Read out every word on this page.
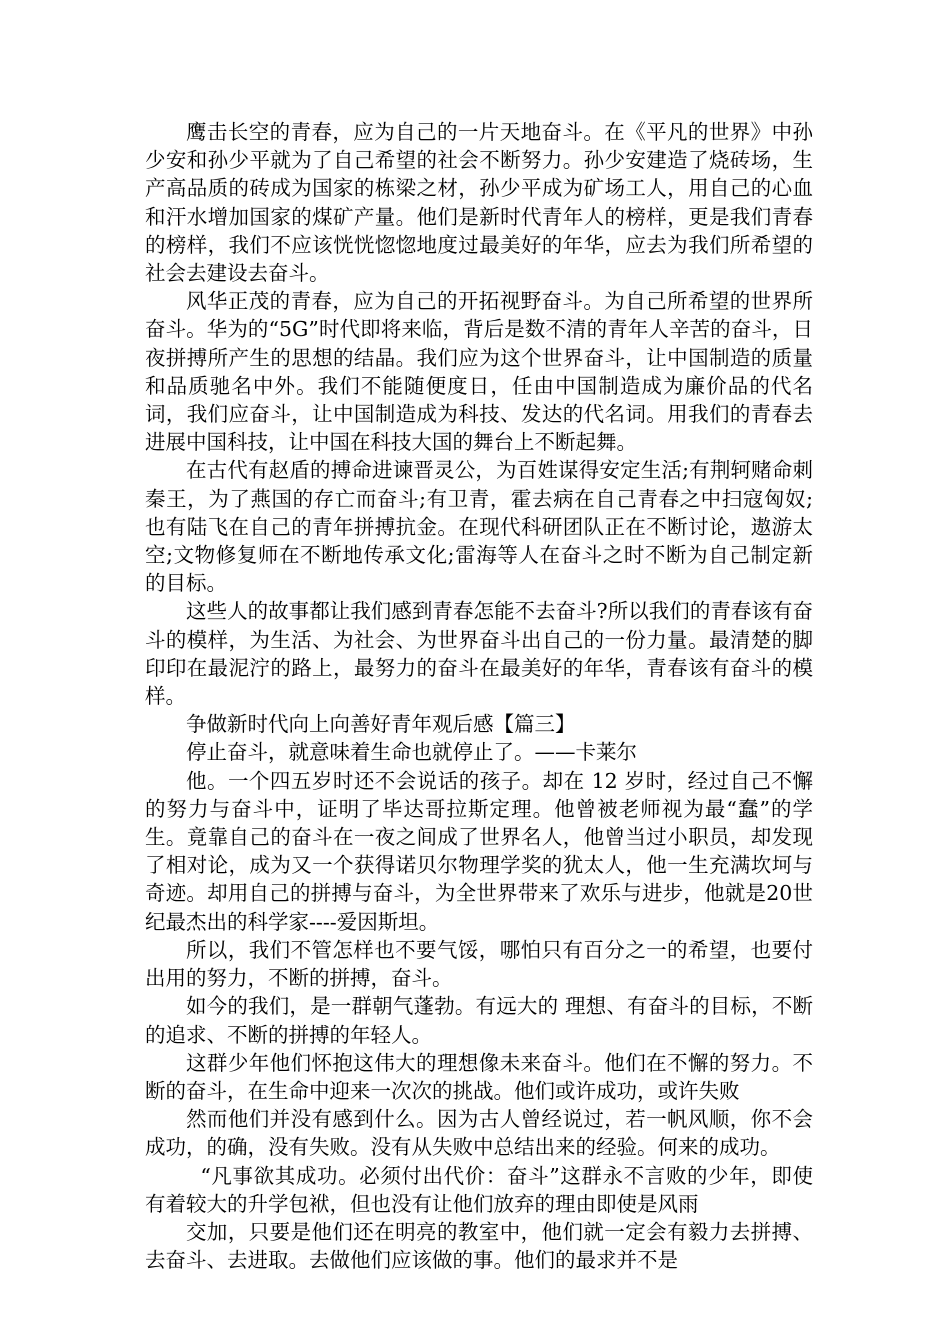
鹰击长空的青春，应为自己的一片天地奋斗。在《平凡的世界》中孙少安和孙少平就为了自己希望的社会不断努力。孙少安建造了烧砖场，生产高品质的砖成为国家的栋梁之材，孙少平成为矿场工人，用自己的心血和汗水增加国家的煤矿产量。他们是新时代青年人的榜样，更是我们青春的榜样，我们不应该恍恍惚惚地度过最美好的年华，应去为我们所希望的社会去建设去奋斗。

风华正茂的青春，应为自己的开拓视野奋斗。为自己所希望的世界所奋斗。华为的“5G”时代即将来临，背后是数不清的青年人辛苦的奋斗，日夜拼搏所产生的思想的结晶。我们应为这个世界奋斗，让中国制造的质量和品质驰名中外。我们不能随便度日，任由中国制造成为廉价品的代名词，我们应奋斗，让中国制造成为科技、发达的代名词。用我们的青春去进展中国科技，让中国在科技大国的舞台上不断起舞。

在古代有赵盾的搏命进谏晋灵公，为百姓谋得安定生活;有荆轲赌命刺秦王，为了燕国的存亡而奋斗;有卫青，霍去病在自己青春之中扫寇匈奴;也有陆飞在自己的青年拼搏抗金。在现代科研团队正在不断讨论，遨游太空;文物修复师在不断地传承文化;雷海等人在奋斗之时不断为自己制定新的目标。

这些人的故事都让我们感到青春怎能不去奋斗?所以我们的青春该有奋斗的模样，为生活、为社会、为世界奋斗出自己的一份力量。最清楚的脚印印在最泥泞的路上，最努力的奋斗在最美好的年华，青春该有奋斗的模样。

争做新时代向上向善好青年观后感【篇三】

停止奋斗，就意味着生命也就停止了。——卡莱尔

他。一个四五岁时还不会说话的孩子。却在 12 岁时，经过自己不懈的努力与奋斗中，证明了毕达哥拉斯定理。他曾被老师视为最“蠢”的学生。竟靠自己的奋斗在一夜之间成了世界名人，他曾当过小职员，却发现了相对论，成为又一个获得诺贝尔物理学奖的犹太人，他一生充满坎坷与奇迹。却用自己的拼搏与奋斗，为全世界带来了欢乐与进步，他就是20世纪最杰出的科学家----爱因斯坦。

所以，我们不管怎样也不要气馁，哪怕只有百分之一的希望，也要付出用的努力，不断的拼搏，奋斗。

如今的我们，是一群朝气蓬勃。有远大的 理想、有奋斗的目标，不断的追求、不断的拼搏的年轻人。

这群少年他们怀抱这伟大的理想像未来奋斗。他们在不懈的努力。不断的奋斗，在生命中迎来一次次的挑战。他们或许成功，或许失败

然而他们并没有感到什么。因为古人曾经说过，若一帆风顺，你不会成功，的确，没有失败。没有从失败中总结出来的经验。何来的成功。

“凡事欲其成功。必须付出代价：奋斗”这群永不言败的少年，即使有着较大的升学包袱，但也没有让他们放弃的理由即使是风雨

交加，只要是他们还在明亮的教室中，他们就一定会有毅力去拼搏、去奋斗、去进取。去做他们应该做的事。他们的最求并不是
